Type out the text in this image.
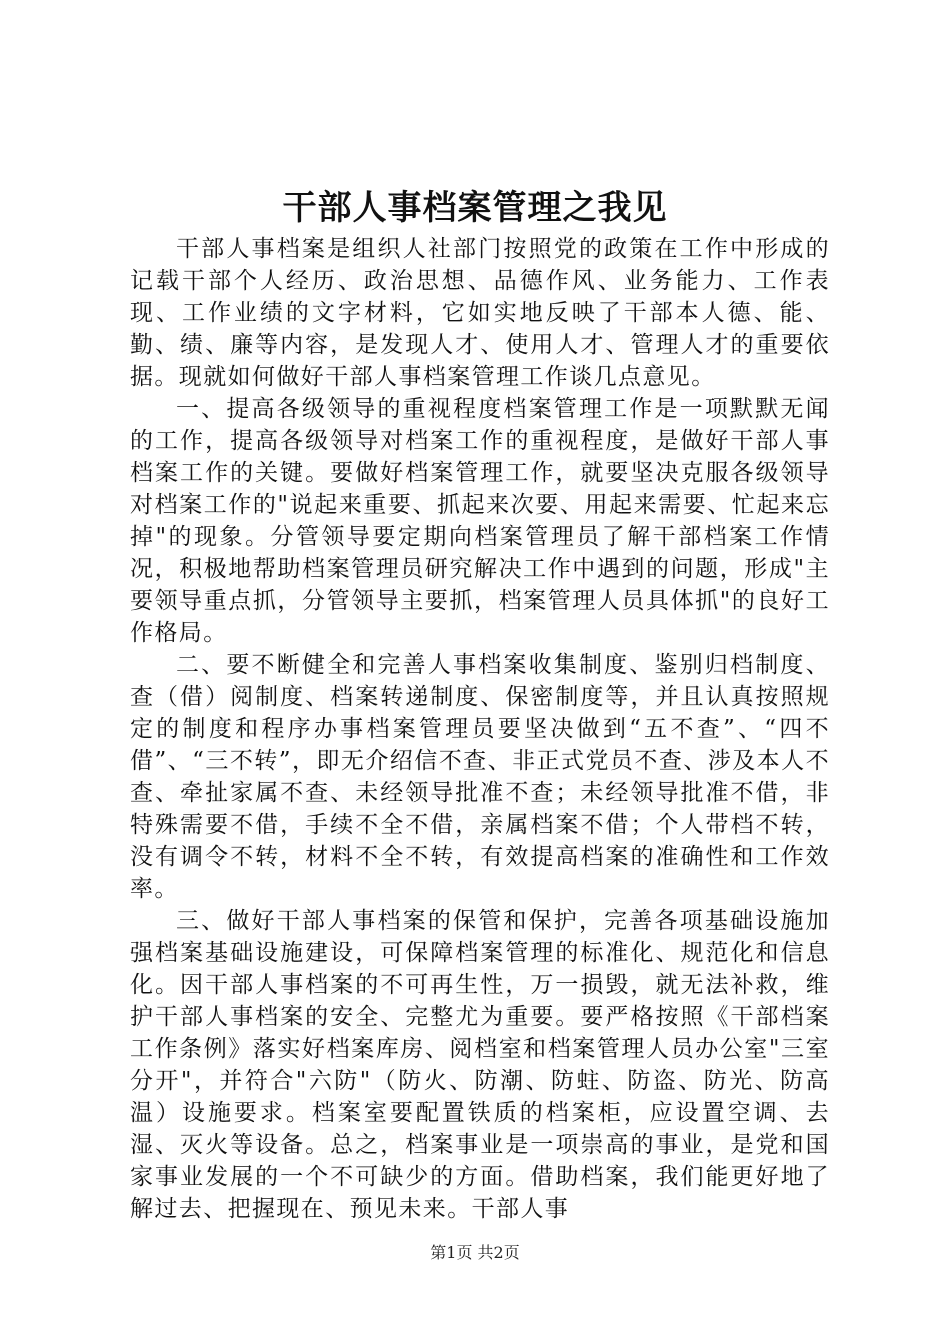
干部人事档案管理之我见

干部人事档案是组织人社部门按照党的政策在工作中形成的记载干部个人经历、政治思想、品德作风、业务能力、工作表现、工作业绩的文字材料，它如实地反映了干部本人德、能、勤、绩、廉等内容，是发现人才、使用人才、管理人才的重要依据。现就如何做好干部人事档案管理工作谈几点意见。

一、提高各级领导的重视程度档案管理工作是一项默默无闻的工作，提高各级领导对档案工作的重视程度，是做好干部人事档案工作的关键。要做好档案管理工作，就要坚决克服各级领导对档案工作的"说起来重要、抓起来次要、用起来需要、忙起来忘掉"的现象。分管领导要定期向档案管理员了解干部档案工作情况，积极地帮助档案管理员研究解决工作中遇到的问题，形成"主要领导重点抓，分管领导主要抓，档案管理人员具体抓"的良好工作格局。

二、要不断健全和完善人事档案收集制度、鉴别归档制度、查（借）阅制度、档案转递制度、保密制度等，并且认真按照规定的制度和程序办事档案管理员要坚决做到“五不查”、“四不借”、“三不转”，即无介绍信不查、非正式党员不查、涉及本人不查、牵扯家属不查、未经领导批准不查；未经领导批准不借，非特殊需要不借，手续不全不借，亲属档案不借；个人带档不转，没有调令不转，材料不全不转，有效提高档案的准确性和工作效率。

三、做好干部人事档案的保管和保护，完善各项基础设施加强档案基础设施建设，可保障档案管理的标准化、规范化和信息化。因干部人事档案的不可再生性，万一损毁，就无法补救，维护干部人事档案的安全、完整尤为重要。要严格按照《干部档案工作条例》落实好档案库房、阅档室和档案管理人员办公室"三室分开"，并符合"六防"（防火、防潮、防蛀、防盗、防光、防高温）设施要求。档案室要配置铁质的档案柜，应设置空调、去湿、灭火等设备。总之，档案事业是一项崇高的事业，是党和国家事业发展的一个不可缺少的方面。借助档案，我们能更好地了解过去、把握现在、预见未来。干部人事

第1页 共2页
